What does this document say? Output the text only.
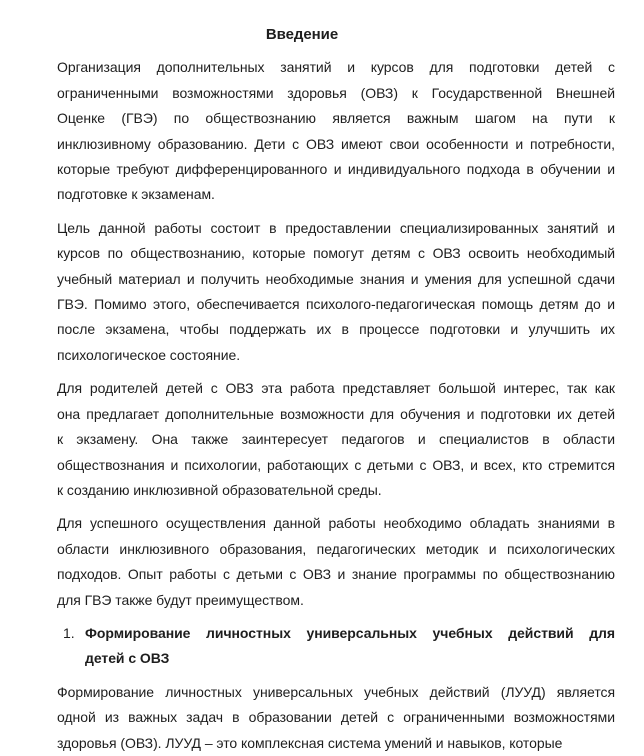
Введение
Организация дополнительных занятий и курсов для подготовки детей с
ограниченными возможностями здоровья (ОВЗ) к Государственной Внешней
Оценке (ГВЭ) по обществознанию является важным шагом на пути к
инклюзивному образованию. Дети с ОВЗ имеют свои особенности и потребности,
которые требуют дифференцированного и индивидуального подхода в обучении и
подготовке к экзаменам.
Цель данной работы состоит в предоставлении специализированных занятий и
курсов по обществознанию, которые помогут детям с ОВЗ освоить необходимый
учебный материал и получить необходимые знания и умения для успешной сдачи
ГВЭ. Помимо этого, обеспечивается психолого-педагогическая помощь детям до и
после экзамена, чтобы поддержать их в процессе подготовки и улучшить их
психологическое состояние.
Для родителей детей с ОВЗ эта работа представляет большой интерес, так как
она предлагает дополнительные возможности для обучения и подготовки их детей
к экзамену. Она также заинтересует педагогов и специалистов в области
обществознания и психологии, работающих с детьми с ОВЗ, и всех, кто стремится
к созданию инклюзивной образовательной среды.
Для успешного осуществления данной работы необходимо обладать знаниями в
области инклюзивного образования, педагогических методик и психологических
подходов. Опыт работы с детьми с ОВЗ и знание программы по обществознанию
для ГВЭ также будут преимуществом.
1. Формирование личностных универсальных учебных действий для
детей с ОВЗ
Формирование личностных универсальных учебных действий (ЛУУД) является
одной из важных задач в образовании детей с ограниченными возможностями
здоровья (ОВЗ). ЛУУД – это комплексная система умений и навыков, которые
